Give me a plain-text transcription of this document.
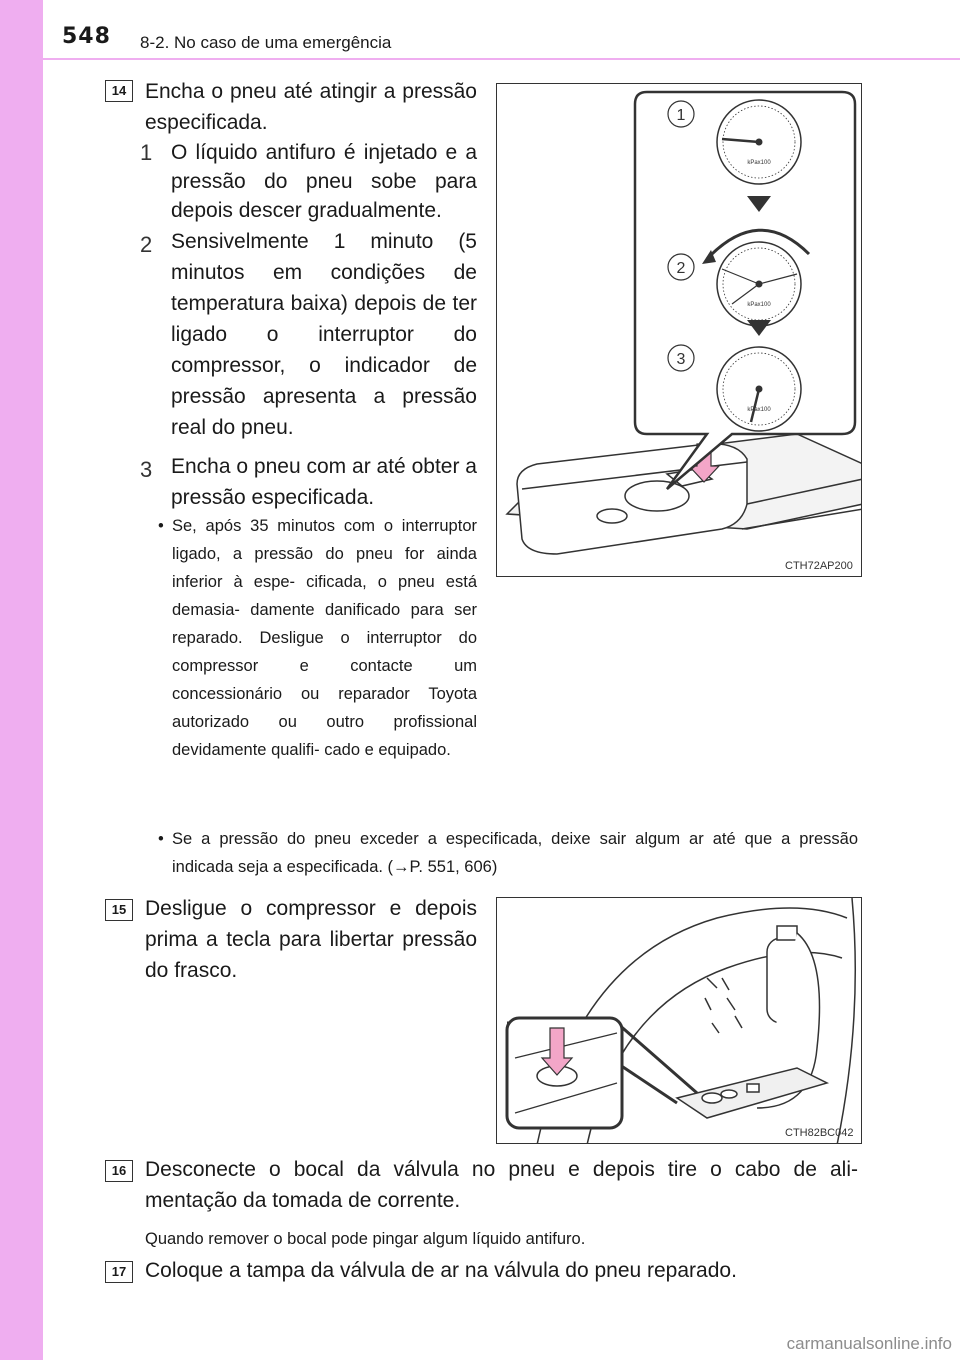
548 8-2. No caso de uma emergência
14 Encha o pneu até atingir a pressão especificada.
1 O líquido antifuro é injetado e a pressão do pneu sobe para depois descer gradualmente.
2 Sensivelmente 1 minuto (5 minutos em condições de temperatura baixa) depois de ter ligado o interruptor do compressor, o indicador de pressão apresenta a pressão real do pneu.
3 Encha o pneu com ar até obter a pressão especificada.
• Se, após 35 minutos com o interruptor ligado, a pressão do pneu for ainda inferior à espe- cificada, o pneu está demasia- damente danificado para ser reparado. Desligue o interruptor do compressor e contacte um concessionário ou reparador Toyota autorizado ou outro profissional devidamente qualifi- cado e equipado.
• Se a pressão do pneu exceder a especificada, deixe sair algum ar até que a pressão indicada seja a especificada. (→P. 551, 606)
kPax100
kPax100
kPax100
1
2
3
CTH72AP200
15 Desligue o compressor e depois prima a tecla para libertar pressão do frasco.
CTH82BC042
16 Desconecte o bocal da válvula no pneu e depois tire o cabo de ali- mentação da tomada de corrente.
Quando remover o bocal pode pingar algum líquido antifuro.
17 Coloque a tampa da válvula de ar na válvula do pneu reparado.
carmanualsonline.info
